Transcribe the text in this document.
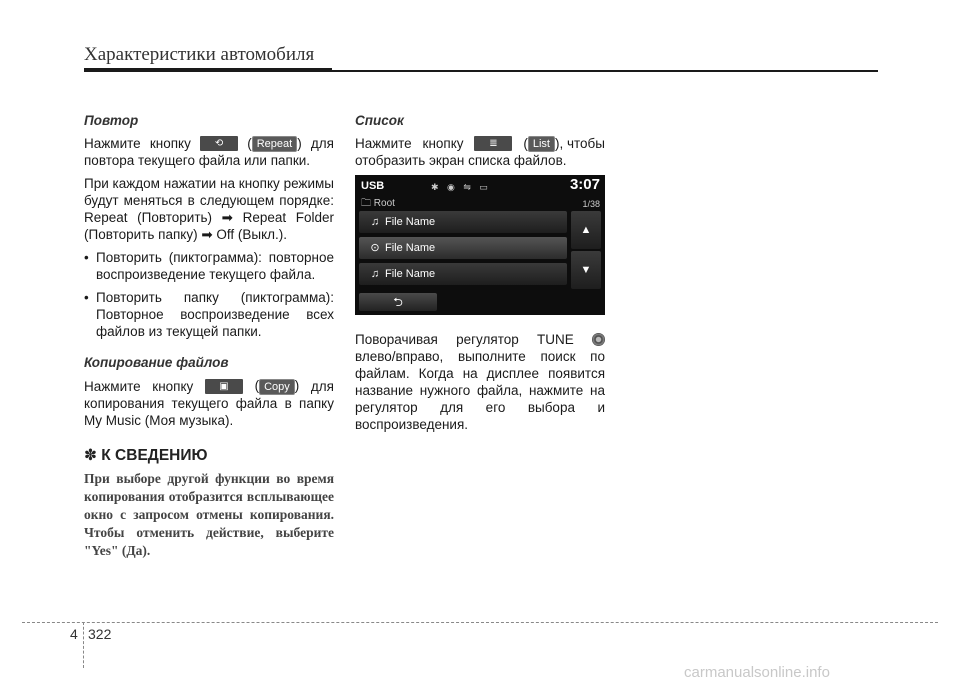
Характеристики автомобиля
Повтор
Нажмите кнопку	⟲	( Repeat ) для
повтора текущего файла или папки.
При каждом нажатии на кнопку режимы будут меняться в следующем порядке: Repeat (Повторить) ➡ Repeat Folder (Повторить папку) ➡ Off (Выкл.).
• Повторить (пиктограмма): повторное воспроизведение текущего файла.
• Повторить папку (пиктограмма): Повторное воспроизведение всех файлов из текущей папки.
Копирование файлов
Нажмите кнопку	▣	( Copy ) для
копирования текущего файла в папку My Music (Моя музыка).
✽ К СВЕДЕНИЮ
При выборе другой функции во время копирования отобразится всплывающее окно с запросом отмены копирования. Чтобы отменить действие, выберите "Yes" (Да).
Список
Нажмите кнопку	≣	( List ), чтобы
отобразить экран списка файлов.
USB	✱ ◉ ⇋ ▭	3:07
🗀 Root	1/38
♫ File Name
⊙ File Name
♫ File Name
▲
▼
⮌
Поворачивая регулятор TUNE
влево/вправо, выполните поиск по файлам. Когда на дисплее появится название нужного файла, нажмите на регулятор для его выбора и воспроизведения.
4 322
carmanualsonline.info
